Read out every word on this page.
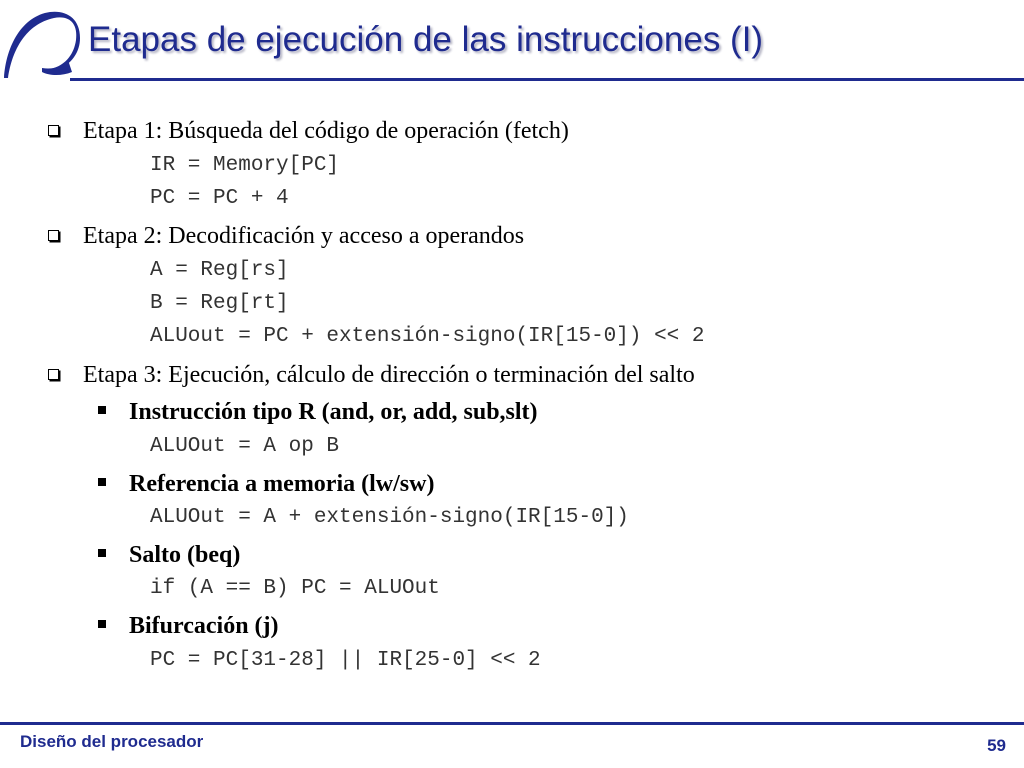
Etapas de ejecución de las instrucciones (I)
Etapa 1: Búsqueda del código de operación (fetch)
IR = Memory[PC]
PC = PC + 4
Etapa 2: Decodificación y acceso a operandos
A = Reg[rs]
B = Reg[rt]
ALUout = PC + extensión-signo(IR[15-0]) << 2
Etapa 3: Ejecución, cálculo de dirección o terminación del salto
Instrucción tipo R (and, or, add, sub,slt)
ALUOut = A op B
Referencia a memoria (lw/sw)
ALUOut = A + extensión-signo(IR[15-0])
Salto (beq)
if (A == B) PC = ALUOut
Bifurcación (j)
PC = PC[31-28] || IR[25-0] << 2
Diseño del procesador	59
